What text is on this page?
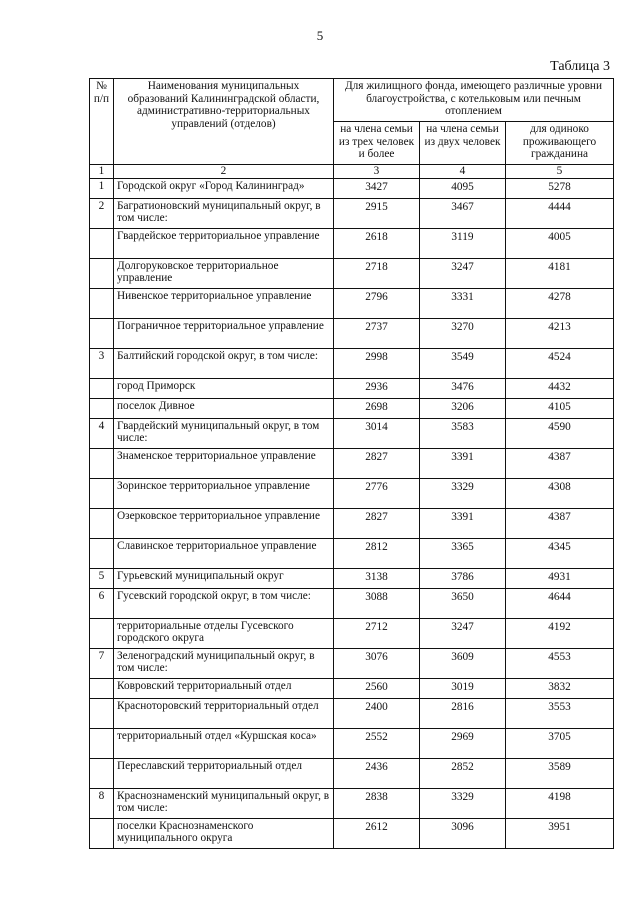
5
Таблица 3
№ п/п	Наименования муниципальных образований Калининградской области, административно-территориальных управлений (отделов)	Для жилищного фонда, имеющего различные уровни благоустройства, с котельковым или печным отоплением		
		на члена семьи из трех человек и более	на члена семьи из двух человек	для одиноко проживающего гражданина
1	2	3	4	5
1	Городской округ «Город Калининград»	3427	4095	5278
2	Багратионовский муниципальный округ, в том числе:	2915	3467	4444
	Гвардейское территориальное управление	2618	3119	4005
	Долгоруковское территориальное управление	2718	3247	4181
	Нивенское территориальное управление	2796	3331	4278
	Пограничное территориальное управление	2737	3270	4213
3	Балтийский городской округ, в том числе:	2998	3549	4524
	город Приморск	2936	3476	4432
	поселок Дивное	2698	3206	4105
4	Гвардейский муниципальный округ, в том числе:	3014	3583	4590
	Знаменское территориальное управление	2827	3391	4387
	Зоринское территориальное управление	2776	3329	4308
	Озерковское территориальное управление	2827	3391	4387
	Славинское территориальное управление	2812	3365	4345
5	Гурьевский муниципальный округ	3138	3786	4931
6	Гусевский городской округ, в том числе:	3088	3650	4644
	территориальные отделы Гусевского городского округа	2712	3247	4192
7	Зеленоградский муниципальный округ, в том числе:	3076	3609	4553
	Ковровский территориальный отдел	2560	3019	3832
	Красноторовский территориальный отдел	2400	2816	3553
	территориальный отдел «Куршская коса»	2552	2969	3705
	Переславский территориальный отдел	2436	2852	3589
8	Краснознаменский муниципальный округ, в том числе:	2838	3329	4198
	поселки Краснознаменского муниципального округа	2612	3096	3951
